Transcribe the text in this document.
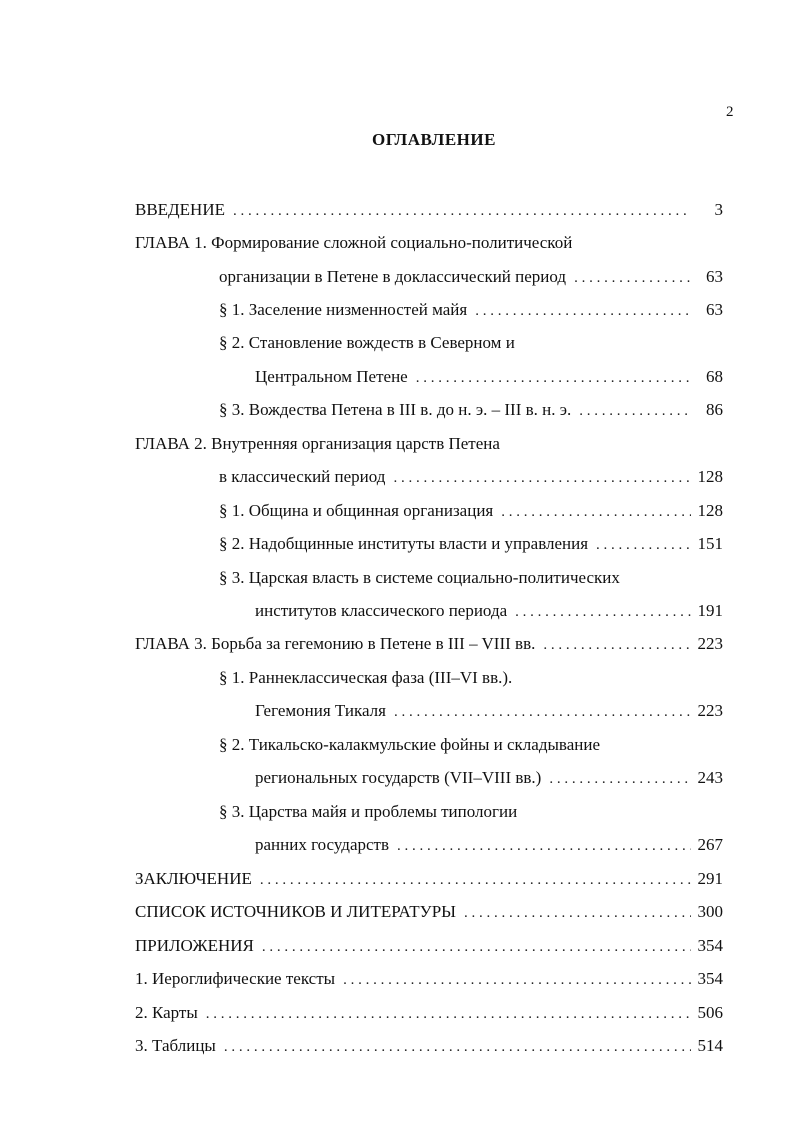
2
ОГЛАВЛЕНИЕ
ВВЕДЕНИЕ . . .	3
ГЛАВА 1. Формирование сложной социально-политической
организации в Петене в доклассический период . . .	63
§ 1. Заселение низменностей майя . . .	63
§ 2. Становление вождеств в Северном и
Центральном Петене . . .	68
§ 3. Вождества Петена в III в. до н. э. – III в. н. э. . . .	86
ГЛАВА 2. Внутренняя организация царств Петена
в классический период . . .	128
§ 1. Община и общинная организация . . .	128
§ 2. Надобщинные институты власти и управления . . .	151
§ 3. Царская власть в системе социально-политических
институтов классического периода . . .	191
ГЛАВА 3. Борьба за гегемонию в Петене в III – VIII вв. . . .	223
§ 1. Раннеклассическая фаза (III–VI вв.).
Гегемония Тикаля . . .	223
§ 2. Тикальско-калакмульские фойны и складывание
региональных государств (VII–VIII вв.) . . .	243
§ 3. Царства майя и проблемы типологии
ранних государств . . .	267
ЗАКЛЮЧЕНИЕ . . .	291
СПИСОК ИСТОЧНИКОВ И ЛИТЕРАТУРЫ . . .	300
ПРИЛОЖЕНИЯ . . .	354
1. Иероглифические тексты . . .	354
2. Карты . . .	506
3. Таблицы . . .	514
